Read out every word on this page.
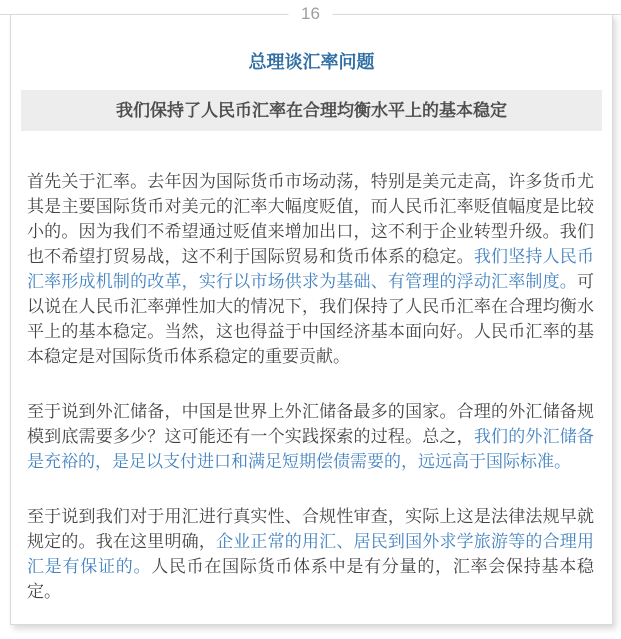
16
总理谈汇率问题
我们保持了人民币汇率在合理均衡水平上的基本稳定

首先关于汇率。去年因为国际货币市场动荡，特别是美元走高，许多货币尤其是主要国际货币对美元的汇率大幅度贬值，而人民币汇率贬值幅度是比较小的。因为我们不希望通过贬值来增加出口，这不利于企业转型升级。我们也不希望打贸易战，这不利于国际贸易和货币体系的稳定。我们坚持人民币汇率形成机制的改革，实行以市场供求为基础、有管理的浮动汇率制度。可以说在人民币汇率弹性加大的情况下，我们保持了人民币汇率在合理均衡水平上的基本稳定。当然，这也得益于中国经济基本面向好。人民币汇率的基本稳定是对国际货币体系稳定的重要贡献。

至于说到外汇储备，中国是世界上外汇储备最多的国家。合理的外汇储备规模到底需要多少？这可能还有一个实践探索的过程。总之，我们的外汇储备是充裕的，是足以支付进口和满足短期偿债需要的，远远高于国际标准。

至于说到我们对于用汇进行真实性、合规性审查，实际上这是法律法规早就规定的。我在这里明确，企业正常的用汇、居民到国外求学旅游等的合理用汇是有保证的。人民币在国际货币体系中是有分量的，汇率会保持基本稳定。
